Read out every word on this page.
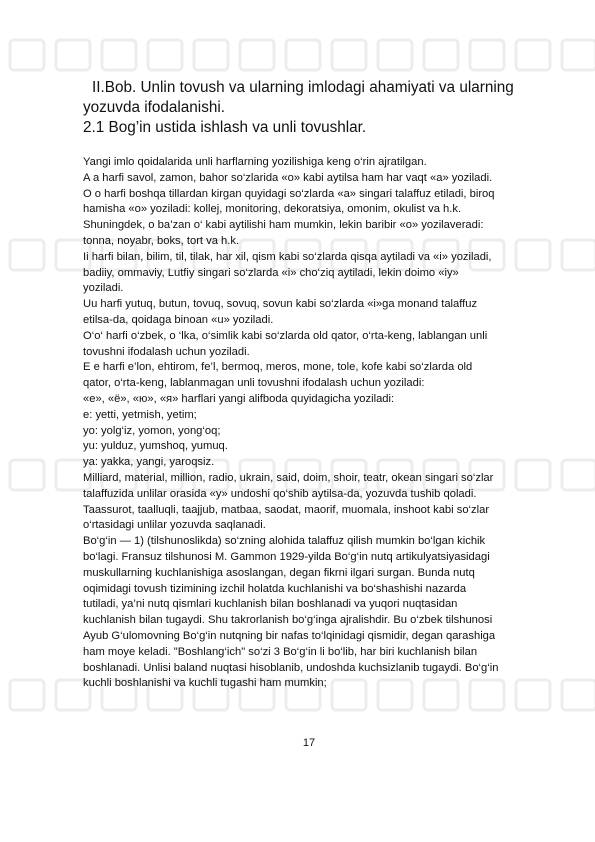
II.Bob. Unlin tovush va ularning imlodagi ahamiyati va ularning
yozuvda ifodalanishi.
2.1 Bog’in ustida ishlash va unli tovushlar.

Yangi imlo qoidalarida unli harflarning yozilishiga keng o‘rin ajratilgan.

A a harfi savol, zamon, bahor so‘zlarida «o» kabi aytilsa ham har vaqt «a» yoziladi.

O o harfi boshqa tillardan kirgan quyidagi so‘zlarda «a» singari talaffuz etiladi, biroq

hamisha «o» yoziladi: kollej, monitoring, dekoratsiya, omonim, okulist va h.k.

Shuningdek, o ba’zan o‘ kabi aytilishi ham mumkin, lekin baribir «o» yozilaveradi:

tonna, noyabr, boks, tort va h.k.

Ii harfi bilan, bilim, til, tilak, har xil, qism kabi so‘zlarda qisqa aytiladi va «i» yoziladi,

badiiy, ommaviy, Lutfiy singari so‘zlarda «i» cho‘ziq aytiladi, lekin doimo «iy»

yoziladi.

Uu harfi yutuq, butun, tovuq, sovuq, sovun kabi so‘zlarda «i»ga monand talaffuz

etilsa-da, qoidaga binoan «u» yoziladi.

O‘o‘ harfi o‘zbek, o ‘lka, o‘simlik kabi so‘zlarda old qator, o‘rta-keng, lablangan unli

tovushni ifodalash uchun yoziladi.

E e harfi e’lon, ehtirom, fe’l, bermoq, meros, mone, tole, kofe kabi so‘zlarda old

qator, o‘rta-keng, lablanmagan unli tovushni ifodalash uchun yoziladi:

«е», «ё», «ю», «я» harflari yangi alifboda quyidagicha yoziladi:

e: yetti, yetmish, yetim;

yo: yolg‘iz, yomon, yong‘oq;

yu: yulduz, yumshoq, yumuq.

ya: yakka, yangi, yaroqsiz.

Milliard, material, million, radio, ukrain, said, doim, shoir, teatr, okean singari so‘zlar

talaffuzida unlilar orasida «y» undoshi qo‘shib aytilsa-da, yozuvda tushib qoladi.

Taassurot, taalluqli, taajjub, matbaa, saodat, maorif, muomala, inshoot kabi so‘zlar

o‘rtasidagi unlilar yozuvda saqlanadi.

Bo‘g‘in — 1) (tilshunoslikda) so‘zning alohida talaffuz qilish mumkin bo‘lgan kichik

bo‘lagi. Fransuz tilshunosi M. Gammon 1929-yilda Bo‘g‘in nutq artikulyatsiyasidagi

muskullarning kuchlanishiga asoslangan, degan fikrni ilgari surgan. Bunda nutq

oqimidagi tovush tizimining izchil holatda kuchlanishi va bo‘shashishi nazarda

tutiladi, ya’ni nutq qismlari kuchlanish bilan boshlanadi va yuqori nuqtasidan

kuchlanish bilan tugaydi. Shu takrorlanish bo‘g‘inga ajralishdir. Bu o‘zbek tilshunosi

Ayub G‘ulomovning Bo‘g‘in nutqning bir nafas to‘lqinidagi qismidir, degan qarashiga

ham moye keladi. "Boshlang‘ich" so‘zi 3 Bo‘g‘in li bo‘lib, har biri kuchlanish bilan

boshlanadi. Unlisi baland nuqtasi hisoblanib, undoshda kuchsizlanib tugaydi. Bo‘g‘in

kuchli boshlanishi va kuchli tugashi ham mumkin;

17
